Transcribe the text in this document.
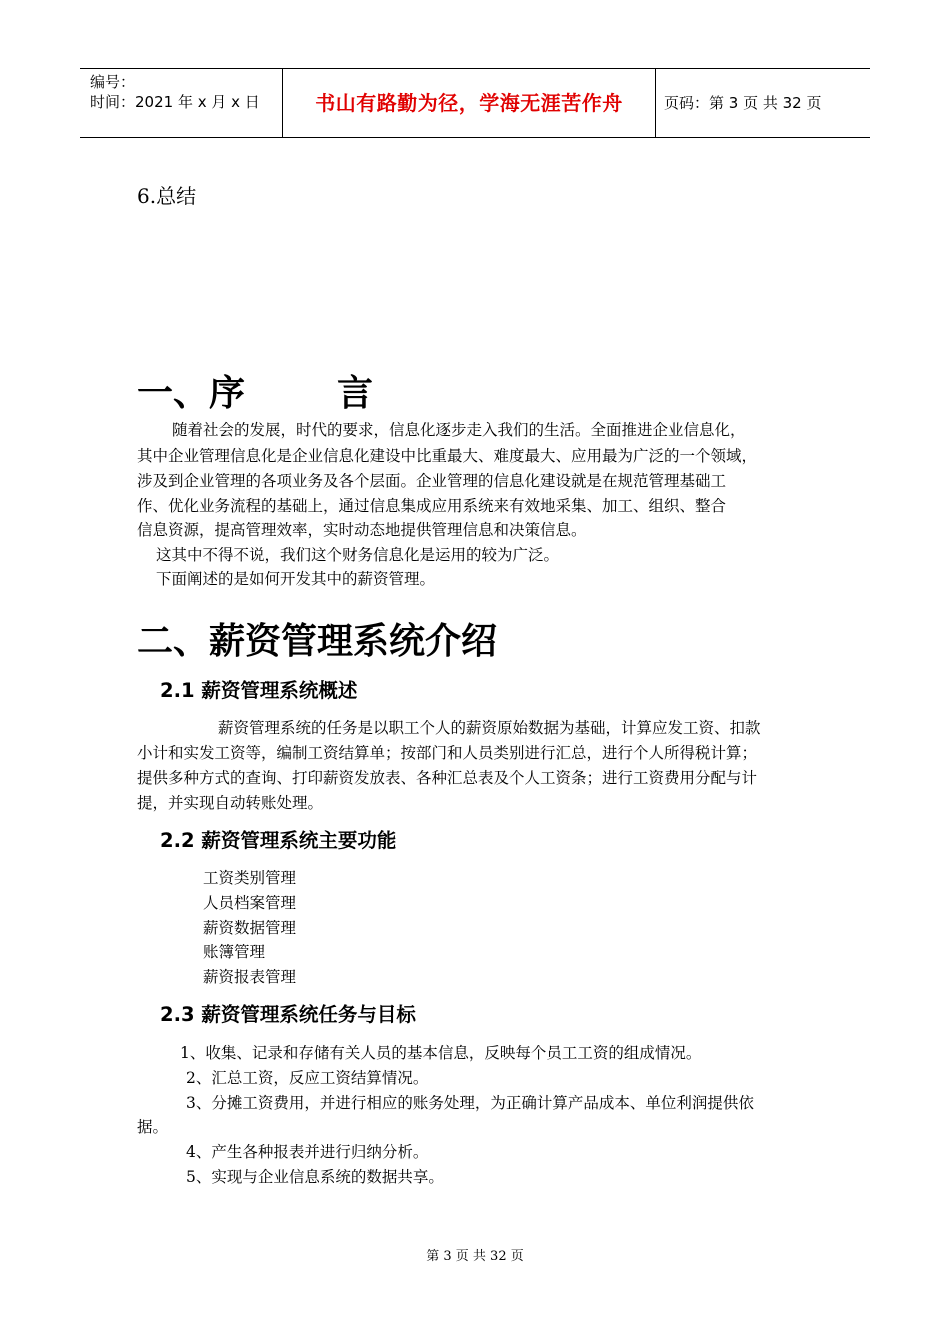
编号：
时间：2021 年 x 月 x 日	书山有路勤为径，学海无涯苦作舟	页码：第 3 页 共 32 页
6.总结
一、序	言
随着社会的发展，时代的要求，信息化逐步走入我们的生活。全面推进企业信息化，
其中企业管理信息化是企业信息化建设中比重最大、难度最大、应用最为广泛的一个领域，
涉及到企业管理的各项业务及各个层面。企业管理的信息化建设就是在规范管理基础工
作、优化业务流程的基础上，通过信息集成应用系统来有效地采集、加工、组织、整合
信息资源，提高管理效率，实时动态地提供管理信息和决策信息。
这其中不得不说，我们这个财务信息化是运用的较为广泛。
下面阐述的是如何开发其中的薪资管理。
二、薪资管理系统介绍
2.1 薪资管理系统概述
薪资管理系统的任务是以职工个人的薪资原始数据为基础，计算应发工资、扣款
小计和实发工资等，编制工资结算单；按部门和人员类别进行汇总，进行个人所得税计算；
提供多种方式的查询、打印薪资发放表、各种汇总表及个人工资条；进行工资费用分配与计
提，并实现自动转账处理。
2.2 薪资管理系统主要功能
工资类别管理
人员档案管理
薪资数据管理
账簿管理
薪资报表管理
2.3 薪资管理系统任务与目标
1、收集、记录和存储有关人员的基本信息，反映每个员工工资的组成情况。
2、汇总工资，反应工资结算情况。
3、分摊工资费用，并进行相应的账务处理，为正确计算产品成本、单位利润提供依
据。
4、产生各种报表并进行归纳分析。
5、实现与企业信息系统的数据共享。
第 3 页 共 32 页
